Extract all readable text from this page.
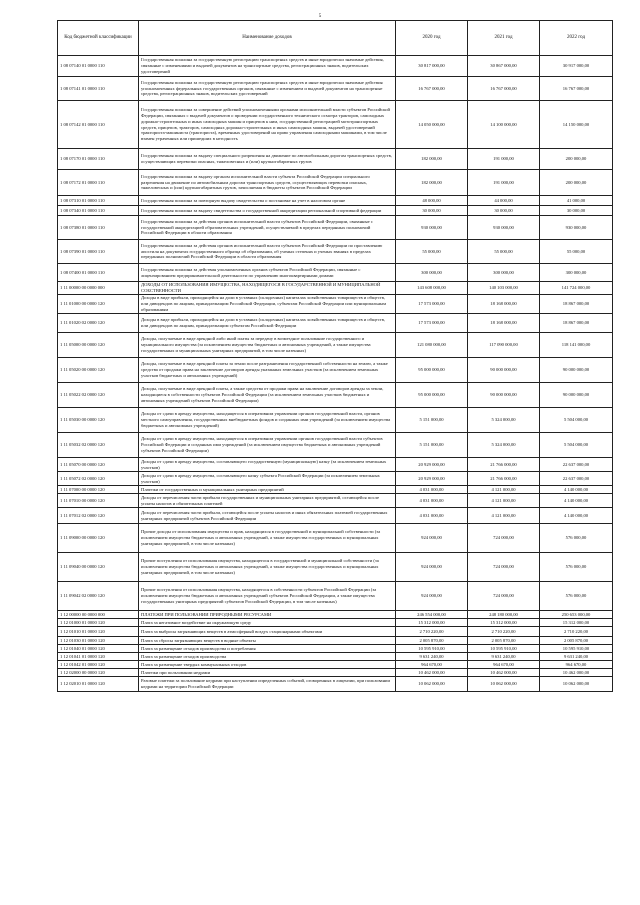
5
Код бюджетной классификации	Наименование доходов	2020 год	2021 год	2022 год
1 08 07140 01 0000 110	Государственная пошлина за государственную регистрацию транспортных средств и иные юридически значимые действия, связанные с изменениями и выдачей документов на транспортные средства, регистрационных знаков, водительских удостоверений	30 817 000,00	30 867 000,00	30 917 000,00
1 08 07141 01 0000 110	Государственная пошлина за государственную регистрацию транспортных средств и иные юридически значимые действия уполномоченных федеральных государственных органов, связанные с изменением и выдачей документов на транспортные средства, регистрационных знаков, водительских удостоверений	16 767 000,00	16 767 000,00	16 767 000,00
1 08 07142 01 0000 110	Государственная пошлина за совершение действий уполномоченными органами исполнительной власти субъектов Российской Федерации, связанных с выдачей документов о проведении государственного технического осмотра тракторов, самоходных дорожно-строительных и иных самоходных машин и прицепов к ним, государственной регистрацией мототранспортных средств, прицепов, тракторов, самоходных дорожно-строительных и иных самоходных машин, выдачей удостоверений тракториста-машиниста (тракториста), временных удостоверений на право управления самоходными машинами, в том числе взамен утраченных или пришедших в негодность	14 050 000,00	14 100 000,00	14 150 000,00
1 08 07170 01 0000 110	Государственная пошлина за выдачу специального разрешения на движение по автомобильным дорогам транспортных средств, осуществляющих перевозки опасных, тяжеловесных и (или) крупногабаритных грузов	182 000,00	191 000,00	200 000,00
1 08 07172 01 0000 110	Государственная пошлина за выдачу органом исполнительной власти субъекта Российской Федерации специального разрешения на движение по автомобильным дорогам транспортных средств, осуществляющих перевозки опасных, тяжеловесных и (или) крупногабаритных грузов, зачисляемая в бюджеты субъектов Российской Федерации	182 000,00	191 000,00	200 000,00
1 08 07310 01 0000 110	Государственная пошлина за повторную выдачу свидетельства о постановке на учет в налоговом органе	48 000,00	44 000,00	41 000,00
1 08 07340 01 0000 110	Государственная пошлина за выдачу свидетельства о государственной аккредитации региональной спортивной федерации	30 000,00	30 000,00	30 000,00
1 08 07380 01 0000 110	Государственная пошлина за действия органов исполнительной власти субъектов Российской Федерации, связанные с государственной аккредитацией образовательных учреждений, осуществляемой в пределах переданных полномочий Российской Федерации в области образования	930 000,00	930 000,00	930 000,00
1 08 07390 01 0000 110	Государственная пошлина за действия органов исполнительной власти субъектов Российской Федерации по проставлению апостиля на документах государственного образца об образовании, об ученых степенях и ученых званиях в пределах переданных полномочий Российской Федерации в области образования	55 000,00	55 000,00	55 000,00
1 08 07400 01 0000 110	Государственная пошлина за действия уполномоченных органов субъектов Российской Федерации, связанные с лицензированием предпринимательской деятельности по управлению многоквартирными домами	300 000,00	300 000,00	300 000,00
1 11 00000 00 0000 000	ДОХОДЫ ОТ ИСПОЛЬЗОВАНИЯ ИМУЩЕСТВА, НАХОДЯЩЕГОСЯ В ГОСУДАРСТВЕННОЙ И МУНИЦИПАЛЬНОЙ СОБСТВЕННОСТИ	143 608 000,00	140 103 000,00	141 724 000,00
1 11 01000 00 0000 120	Доходы в виде прибыли, приходящейся на доли в уставных (складочных) капиталах хозяйственных товариществ и обществ, или дивидендов по акциям, принадлежащим Российской Федерации, субъектам Российской Федерации или муниципальным образованиям	17 573 000,00	18 168 000,00	18 867 000,00
1 11 01020 02 0000 120	Доходы в виде прибыли, приходящейся на доли в уставных (складочных) капиталах хозяйственных товариществ и обществ, или дивидендов по акциям, принадлежащим субъектам Российской Федерации	17 573 000,00	18 168 000,00	18 867 000,00
1 11 05000 00 0000 120	Доходы, получаемые в виде арендной либо иной платы за передачу в возмездное пользование государственного и муниципального имущества (за исключением имущества бюджетных и автономных учреждений, а также имущества государственных и муниципальных унитарных предприятий, в том числе казенных)	121 080 000,00	117 090 000,00	118 141 000,00
1 11 05020 00 0000 120	Доходы, получаемые в виде арендной платы за земли после разграничения государственной собственности на землю, а также средства от продажи права на заключение договоров аренды указанных земельных участков (за исключением земельных участков бюджетных и автономных учреждений)	95 000 000,00	90 000 000,00	90 000 000,00
1 11 05022 02 0000 120	Доходы, получаемые в виде арендной платы, а также средства от продажи права на заключение договоров аренды за земли, находящиеся в собственности субъектов Российской Федерации (за исключением земельных участков бюджетных и автономных учреждений субъектов Российской Федерации)	95 000 000,00	90 000 000,00	90 000 000,00
1 11 05030 00 0000 120	Доходы от сдачи в аренду имущества, находящегося в оперативном управлении органов государственной власти, органов местного самоуправления, государственных внебюджетных фондов и созданных ими учреждений (за исключением имущества бюджетных и автономных учреждений)	5 151 000,00	5 324 000,00	5 504 000,00
1 11 05032 02 0000 120	Доходы от сдачи в аренду имущества, находящегося в оперативном управлении органов государственной власти субъектов Российской Федерации и созданных ими учреждений (за исключением имущества бюджетных и автономных учреждений субъектов Российской Федерации)	5 151 000,00	5 324 000,00	5 504 000,00
1 11 05070 00 0000 120	Доходы от сдачи в аренду имущества, составляющего государственную (муниципальную) казну (за исключением земельных участков)	20 929 000,00	21 766 000,00	22 637 000,00
1 11 05072 02 0000 120	Доходы от сдачи в аренду имущества, составляющего казну субъекта Российской Федерации (за исключением земельных участков)	20 929 000,00	21 766 000,00	22 637 000,00
1 11 07000 00 0000 120	Платежи от государственных и муниципальных унитарных предприятий	4 031 000,00	4 121 000,00	4 140 000,00
1 11 07010 00 0000 120	Доходы от перечисления части прибыли государственных и муниципальных унитарных предприятий, остающейся после уплаты налогов и обязательных платежей	4 031 000,00	4 121 000,00	4 140 000,00
1 11 07012 02 0000 120	Доходы от перечисления части прибыли, остающейся после уплаты налогов и иных обязательных платежей государственных унитарных предприятий субъектов Российской Федерации	4 031 000,00	4 121 000,00	4 140 000,00
1 11 09000 00 0000 120	Прочие доходы от использования имущества и прав, находящихся в государственной и муниципальной собственности (за исключением имущества бюджетных и автономных учреждений, а также имущества государственных и муниципальных унитарных предприятий, в том числе казенных)	924 000,00	724 000,00	576 000,00
1 11 09040 00 0000 120	Прочие поступления от использования имущества, находящегося в государственной и муниципальной собственности (за исключением имущества бюджетных и автономных учреждений, а также имущества государственных и муниципальных унитарных предприятий, в том числе казенных)	924 000,00	724 000,00	576 000,00
1 11 09042 02 0000 120	Прочие поступления от использования имущества, находящегося в собственности субъектов Российской Федерации (за исключением имущества бюджетных и автономных учреждений субъектов Российской Федерации, а также имущества государственных унитарных предприятий субъектов Российской Федерации, в том числе казенных)	924 000,00	724 000,00	576 000,00
1 12 00000 00 0000 000	ПЛАТЕЖИ ПРИ ПОЛЬЗОВАНИИ ПРИРОДНЫМИ РЕСУРСАМИ	246 554 000,00	248 180 000,00	250 653 000,00
1 12 01000 01 0000 120	Плата за негативное воздействие на окружающую среду	15 312 000,00	15 312 000,00	15 312 000,00
1 12 01010 01 0000 120	Плата за выбросы загрязняющих веществ в атмосферный воздух стационарными объектами	2 710 220,00	2 710 220,00	2 710 220,00
1 12 01030 01 0000 120	Плата за сбросы загрязняющих веществ в водные объекты	2 005 870,00	2 005 870,00	2 005 870,00
1 12 01040 01 0000 120	Плата за размещение отходов производства и потребления	10 595 910,00	10 595 910,00	10 595 910,00
1 12 01041 01 0000 120	Плата за размещение отходов производства	9 631 240,00	9 631 240,00	9 631 240,00
1 12 01042 01 0000 120	Плата за размещение твердых коммунальных отходов	964 670,00	964 670,00	964 670,00
1 12 02000 00 0000 120	Платежи при пользовании недрами	10 462 000,00	10 462 000,00	10 462 000,00
1 12 02010 01 0000 120	Разовые платежи за пользование недрами при наступлении определенных событий, оговоренных в лицензии, при пользовании недрами на территории Российской Федерации	10 062 000,00	10 062 000,00	10 062 000,00
